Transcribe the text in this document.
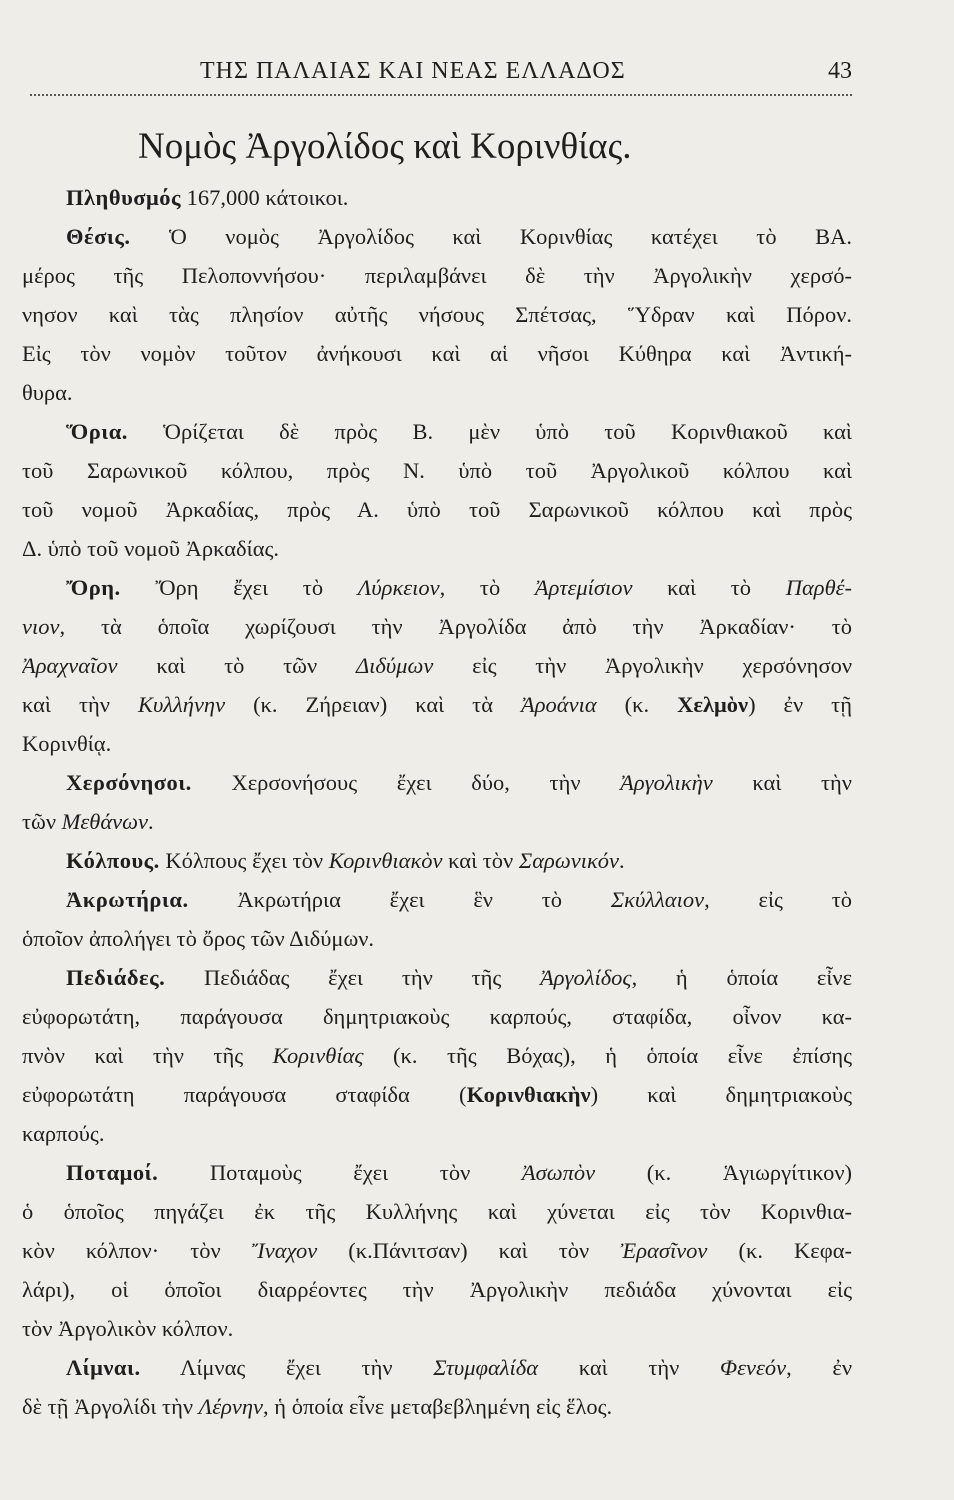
ΤΗΣ ΠΑΛΑΙΑΣ ΚΑΙ ΝΕΑΣ ΕΛΛΑΔΟΣ	43
Νομὸς Ἀργολίδος καὶ Κορινθίας.
Πληθυσμός 167,000 κάτοικοι.
Θέσις. Ὁ νομὸς Ἀργολίδος καὶ Κορινθίας κατέχει τὸ ΒΑ.
μέρος τῆς Πελοποννήσου· περιλαμβάνει δὲ τὴν Ἀργολικὴν χερσό-
νησον καὶ τὰς πλησίον αὐτῆς νήσους Σπέτσας, Ὕδραν καὶ Πόρον.
Εἰς τὸν νομὸν τοῦτον ἀνήκουσι καὶ αἱ νῆσοι Κύθηρα καὶ Ἀντική-
θυρα.
Ὅρια. Ὁρίζεται δὲ πρὸς Β. μὲν ὑπὸ τοῦ Κορινθιακοῦ καὶ
τοῦ Σαρωνικοῦ κόλπου, πρὸς Ν. ὑπὸ τοῦ Ἀργολικοῦ κόλπου καὶ
τοῦ νομοῦ Ἀρκαδίας, πρὸς Α. ὑπὸ τοῦ Σαρωνικοῦ κόλπου καὶ πρὸς
Δ. ὑπὸ τοῦ νομοῦ Ἀρκαδίας.
Ὄρη. Ὄρη ἔχει τὸ Λύρκειον, τὸ Ἀρτεμίσιον καὶ τὸ Παρθέ-
νιον, τὰ ὁποῖα χωρίζουσι τὴν Ἀργολίδα ἀπὸ τὴν Ἀρκαδίαν· τὸ
Ἀραχναῖον καὶ τὸ τῶν Διδύμων εἰς τὴν Ἀργολικὴν χερσόνησον
καὶ τὴν Κυλλήνην (κ. Ζήρειαν) καὶ τὰ Ἀροάνια (κ. Χελμὸν) ἐν τῇ
Κορινθίᾳ.
Χερσόνησοι. Χερσονήσους ἔχει δύο, τὴν Ἀργολικὴν καὶ τὴν
τῶν Μεθάνων.
Κόλπους. Κόλπους ἔχει τὸν Κορινθιακὸν καὶ τὸν Σαρωνικόν.
Ἀκρωτήρια. Ἀκρωτήρια ἔχει ἓν τὸ Σκύλλαιον, εἰς τὸ
ὁποῖον ἀπολήγει τὸ ὄρος τῶν Διδύμων.
Πεδιάδες. Πεδιάδας ἔχει τὴν τῆς Ἀργολίδος, ἡ ὁποία εἶνε
εὐφορωτάτη, παράγουσα δημητριακοὺς καρπούς, σταφίδα, οἶνον κα-
πνὸν καὶ τὴν τῆς Κορινθίας (κ. τῆς Βόχας), ἡ ὁποία εἶνε ἐπίσης
εὐφορωτάτη παράγουσα σταφίδα (Κορινθιακὴν) καὶ δημητριακοὺς
καρπούς.
Ποταμοί. Ποταμοὺς ἔχει τὸν Ἀσωπὸν (κ. Ἁγιωργίτικον)
ὁ ὁποῖος πηγάζει ἐκ τῆς Κυλλήνης καὶ χύνεται εἰς τὸν Κορινθια-
κὸν κόλπον· τὸν Ἴναχον (κ.Πάνιτσαν) καὶ τὸν Ἐρασῖνον (κ. Κεφα-
λάρι), οἱ ὁποῖοι διαρρέοντες τὴν Ἀργολικὴν πεδιάδα χύνονται εἰς
τὸν Ἀργολικὸν κόλπον.
Λίμναι. Λίμνας ἔχει τὴν Στυμφαλίδα καὶ τὴν Φενεόν, ἐν
δὲ τῇ Ἀργολίδι τὴν Λέρνην, ἡ ὁποία εἶνε μεταβεβλημένη εἰς ἕλος.
